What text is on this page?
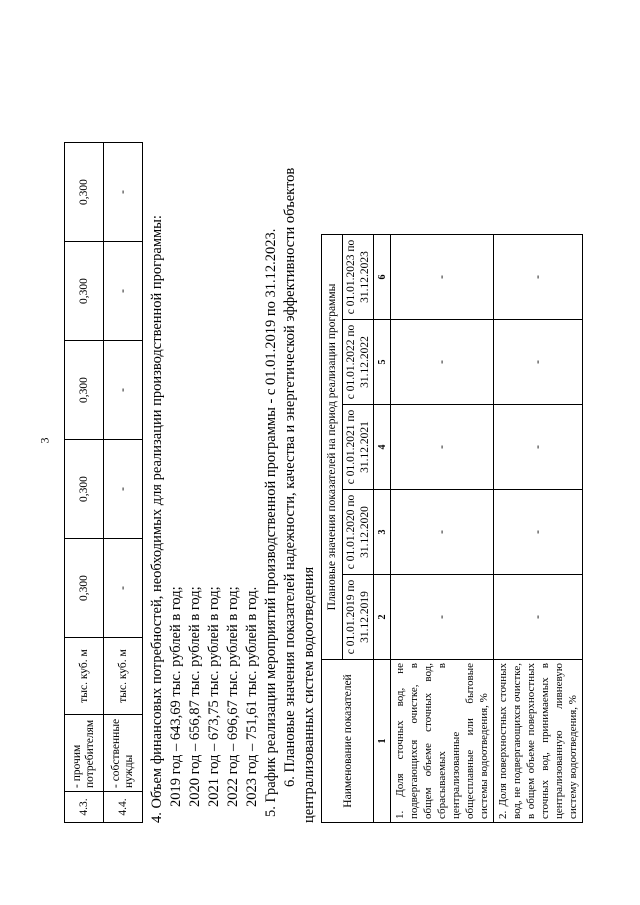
3
4.3.	- прочим потребителям	тыс. куб. м	0,300	0,300	0,300	0,300	0,300
4.4.	- собственные нужды	тыс. куб. м	-	-	-	-	-
4. Объем финансовых потребностей, необходимых для реализации производственной программы: 2019 год – 643,69 тыс. рублей в год; 2020 год – 656,87 тыс. рублей в год; 2021 год – 673,75 тыс. рублей в год; 2022 год – 696,67 тыс. рублей в год; 2023 год – 751,61 тыс. рублей в год. 5. График реализации мероприятий производственной программы - с 01.01.2019 по 31.12.2023. 6. Плановые значения показателей надежности, качества и энергетической эффективности объектов централизованных систем водоотведения Наименование показателей	Плановые значения показателей на период реализации программы				
	с 01.01.2019 по 31.12.2019	с 01.01.2020 по 31.12.2020	с 01.01.2021 по 31.12.2021	с 01.01.2022 по 31.12.2022	с 01.01.2023 по 31.12.2023
1	2	3	4	5	6
1. Доля сточных вод, не подвергающихся очистке, в общем объеме сточных вод, сбрасываемых в централизованные общесплавные или бытовые системы водоотведения, %	-	-	-	-	-
2. Доля поверхностных сточных вод, не подвергающихся очистке, в общем объеме поверхностных сточных вод, принимаемых в централизованную ливневую систему водоотведения, %	-	-	-	-	-
